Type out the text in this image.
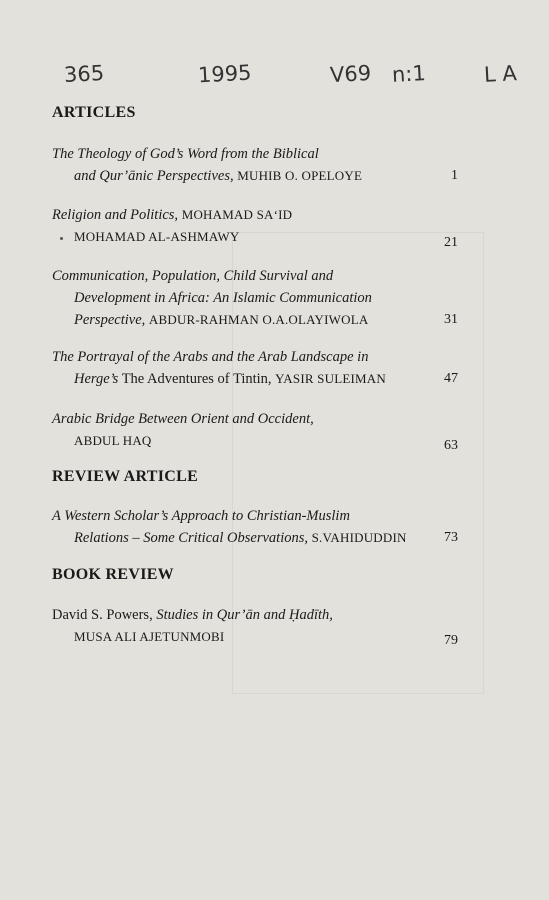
365	1995	V69 n:1	L A
ARTICLES
The Theology of God’s Word from the Biblical
and Qur’ānic Perspectives, MUHIB O. OPELOYE	1
Religion and Politics, MOHAMAD SA‘ID
MOHAMAD AL-ASHMAWY	21
Communication, Population, Child Survival and
Development in Africa: An Islamic Communication
Perspective, ABDUR-RAHMAN O.A.OLAYIWOLA	31
The Portrayal of the Arabs and the Arab Landscape in
Herge’s The Adventures of Tintin, YASIR SULEIMAN	47
Arabic Bridge Between Orient and Occident,
ABDUL HAQ	63
REVIEW ARTICLE
A Western Scholar’s Approach to Christian-Muslim
Relations – Some Critical Observations, S.VAHIDUDDIN	73
BOOK REVIEW
David S. Powers, Studies in Qur’ān and Ḥadīth,
MUSA ALI AJETUNMOBI	79
